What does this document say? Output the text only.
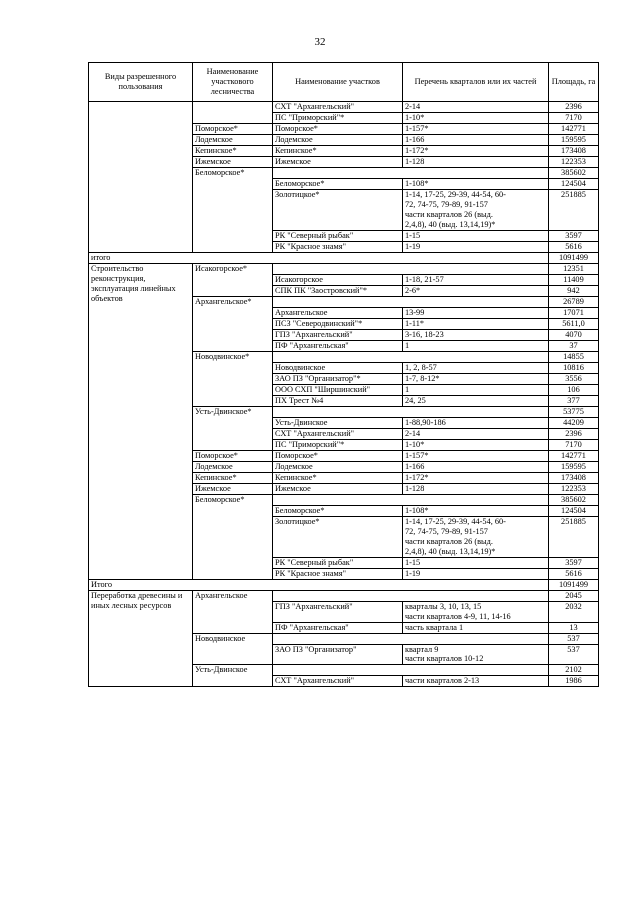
32
Виды разрешенного пользования	Наименование участкового лесничества	Наименование участков	Перечень кварталов или их частей	Площадь, га
		СХТ "Архангельский"	2-14	2396
		ПС "Приморский"*	1-10*	7170
	Поморское*	Поморское*	1-157*	142771
	Лодемское	Лодемское	1-166	159595
	Кепинское*	Кепинское*	1-172*	173408
	Ижемское	Ижемское	1-128	122353
	Беломорское*			385602
		Беломорское*	1-108*	124504
		Золотицкое*	1-14, 17-25, 29-39, 44-54, 60-
72, 74-75, 79-89, 91-157
части кварталов 26 (выд.
2,4,8), 40 (выд. 13,14,19)*	251885
		РК "Северный рыбак"	1-15	3597
		РК "Красное знамя"	1-19	5616
итого				1091499
Строительство реконструкция, эксплуатация линейных объектов	Исакогорское*			12351
		Исакогорское	1-18, 21-57	11409
		СПК ПК "Заостровский"*	2-6*	942
	Архангельское*			26789
		Архангельское	13-99	17071
		ПСЗ "Северодвинский"*	1-11*	5611,0
		ГПЗ "Архангельский"	3-16, 18-23	4070
		ПФ "Архангельская"	1	37
	Новодвинское*			14855
		Новодвинское	1, 2, 8-57	10816
		ЗАО ПЗ "Организатор"*	1-7, 8-12*	3556
		ООО СХП "Ширшинский"	1	106
		ПХ Трест №4	24, 25	377
	Усть-Двинское*			53775
		Усть-Двинское	1-88,90-186	44209
		СХТ "Архангельский"	2-14	2396
		ПС "Приморский"*	1-10*	7170
	Поморское*	Поморское*	1-157*	142771
	Лодемское	Лодемское	1-166	159595
	Кепинское*	Кепинское*	1-172*	173408
	Ижемское	Ижемское	1-128	122353
	Беломорское*			385602
		Беломорское*	1-108*	124504
		Золотицкое*	1-14, 17-25, 29-39, 44-54, 60-
72, 74-75, 79-89, 91-157
части кварталов 26 (выд.
2,4,8), 40 (выд. 13,14,19)*	251885
		РК "Северный рыбак"	1-15	3597
		РК "Красное знамя"	1-19	5616
Итого				1091499
Переработка древесины и иных лесных ресурсов	Архангельское			2045
		ГПЗ "Архангельский"	кварталы 3, 10, 13, 15
части кварталов 4-9, 11, 14-16	2032
		ПФ "Архангельская"	часть квартала 1	13
	Новодвинское			537
		ЗАО ПЗ "Организатор"	квартал 9
части кварталов 10-12	537
	Усть-Двинское			2102
		СХТ "Архангельский"	части кварталов 2-13	1986
